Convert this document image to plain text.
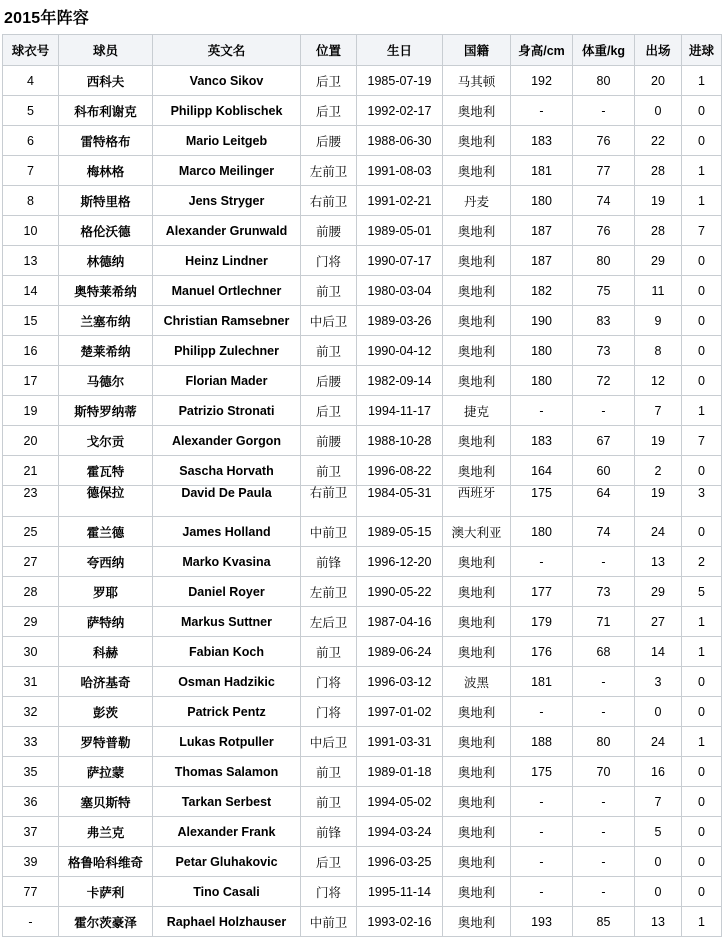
2015年阵容
球衣号	球员	英文名	位置	生日	国籍	身高/cm	体重/kg	出场	进球
4	西科夫	Vanco Sikov	后卫	1985-07-19	马其顿	192	80	20	1
5	科布利谢克	Philipp Koblischek	后卫	1992-02-17	奥地利	-	-	0	0
6	雷特格布	Mario Leitgeb	后腰	1988-06-30	奥地利	183	76	22	0
7	梅林格	Marco Meilinger	左前卫	1991-08-03	奥地利	181	77	28	1
8	斯特里格	Jens Stryger	右前卫	1991-02-21	丹麦	180	74	19	1
10	格伦沃德	Alexander Grunwald	前腰	1989-05-01	奥地利	187	76	28	7
13	林德纳	Heinz Lindner	门将	1990-07-17	奥地利	187	80	29	0
14	奥特莱希纳	Manuel Ortlechner	前卫	1980-03-04	奥地利	182	75	11	0
15	兰塞布纳	Christian Ramsebner	中后卫	1989-03-26	奥地利	190	83	9	0
16	楚莱希纳	Philipp Zulechner	前卫	1990-04-12	奥地利	180	73	8	0
17	马德尔	Florian Mader	后腰	1982-09-14	奥地利	180	72	12	0
19	斯特罗纳蒂	Patrizio Stronati	后卫	1994-11-17	捷克	-	-	7	1
20	戈尔贡	Alexander Gorgon	前腰	1988-10-28	奥地利	183	67	19	7
21	霍瓦特	Sascha Horvath	前卫	1996-08-22	奥地利	164	60	2	0
23	德保拉	David De Paula	右前卫	1984-05-31	西班牙	175	64	19	3
25	霍兰德	James Holland	中前卫	1989-05-15	澳大利亚	180	74	24	0
27	夸西纳	Marko Kvasina	前锋	1996-12-20	奥地利	-	-	13	2
28	罗耶	Daniel Royer	左前卫	1990-05-22	奥地利	177	73	29	5
29	萨特纳	Markus Suttner	左后卫	1987-04-16	奥地利	179	71	27	1
30	科赫	Fabian Koch	前卫	1989-06-24	奥地利	176	68	14	1
31	哈济基奇	Osman Hadzikic	门将	1996-03-12	波黑	181	-	3	0
32	彭茨	Patrick Pentz	门将	1997-01-02	奥地利	-	-	0	0
33	罗特普勒	Lukas Rotpuller	中后卫	1991-03-31	奥地利	188	80	24	1
35	萨拉蒙	Thomas Salamon	前卫	1989-01-18	奥地利	175	70	16	0
36	塞贝斯特	Tarkan Serbest	前卫	1994-05-02	奥地利	-	-	7	0
37	弗兰克	Alexander Frank	前锋	1994-03-24	奥地利	-	-	5	0
39	格鲁哈科维奇	Petar Gluhakovic	后卫	1996-03-25	奥地利	-	-	0	0
77	卡萨利	Tino Casali	门将	1995-11-14	奥地利	-	-	0	0
-	霍尔茨豪泽	Raphael Holzhauser	中前卫	1993-02-16	奥地利	193	85	13	1
